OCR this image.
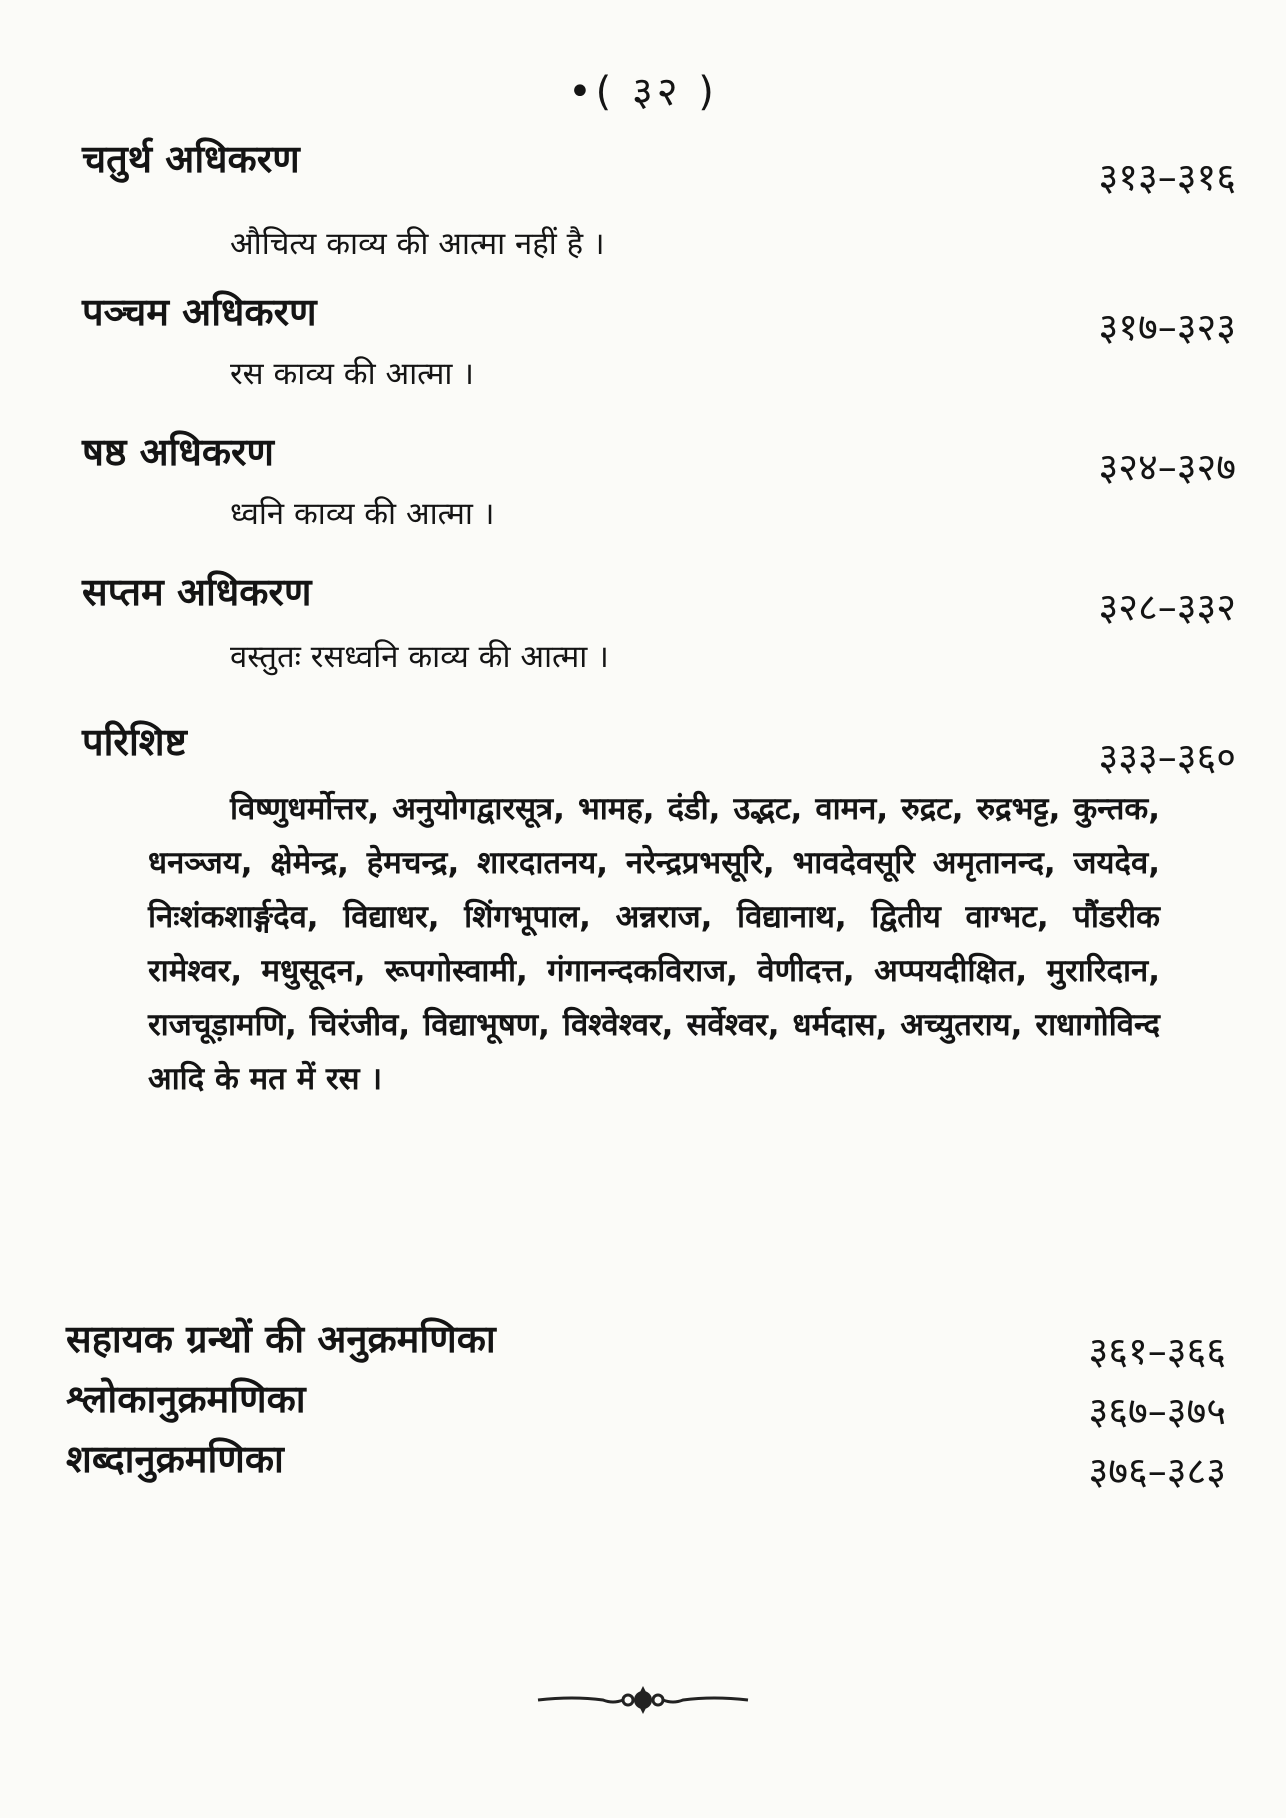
•( ३२ )
चतुर्थ अधिकरण	३१३–३१६
औचित्य काव्य की आत्मा नहीं है ।
पञ्चम अधिकरण	३१७–३२३
रस काव्य की आत्मा ।
षष्ठ अधिकरण	३२४–३२७
ध्वनि काव्य की आत्मा ।
सप्तम अधिकरण	३२८–३३२
वस्तुतः रसध्वनि काव्य की आत्मा ।
परिशिष्ट	३३३–३६०
विष्णुधर्मोत्तर, अनुयोगद्वारसूत्र, भामह, दंडी, उद्भट, वामन, रुद्रट, रुद्रभट्ट, कुन्तक, धनञ्जय, क्षेमेन्द्र, हेमचन्द्र, शारदातनय, नरेन्द्रप्रभसूरि, भावदेवसूरि अमृतानन्द, जयदेव, निःशंकशार्ङ्गदेव, विद्याधर, शिंगभूपाल, अन्नराज, विद्यानाथ, द्वितीय वाग्भट, पौंडरीक रामेश्वर, मधुसूदन, रूपगोस्वामी, गंगानन्दकविराज, वेणीदत्त, अप्पयदीक्षित, मुरारिदान, राजचूड़ामणि, चिरंजीव, विद्याभूषण, विश्वेश्वर, सर्वेश्वर, धर्मदास, अच्युतराय, राधागोविन्द आदि के मत में रस ।
सहायक ग्रन्थों की अनुक्रमणिका	३६१–३६६
श्लोकानुक्रमणिका	३६७–३७५
शब्दानुक्रमणिका	३७६–३८३
